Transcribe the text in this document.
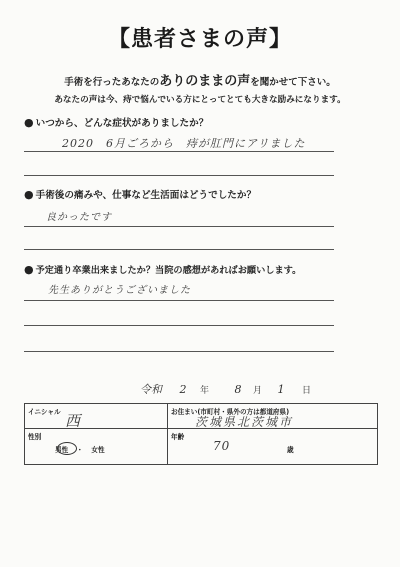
【患者さまの声】
手術を行ったあなたのありのままの声を聞かせて下さい。
あなたの声は今、痔で悩んでいる方にとってとても大きな励みになります。
● いつから、どんな症状がありましたか？
2020　6月ごろから　痔が肛門にアリました
● 手術後の痛みや、仕事など生活面はどうでしたか？
良かったです
● 予定通り卒業出来ましたか？当院の感想があればお願いします。
先生ありがとうございました
令和 2 年 8 月 1 日
イニシャル 西	お住まい(市町村・県外の方は都道府県)
茨城県北茨城市
性別
男性 ・ 女性
年齢
70	歳
